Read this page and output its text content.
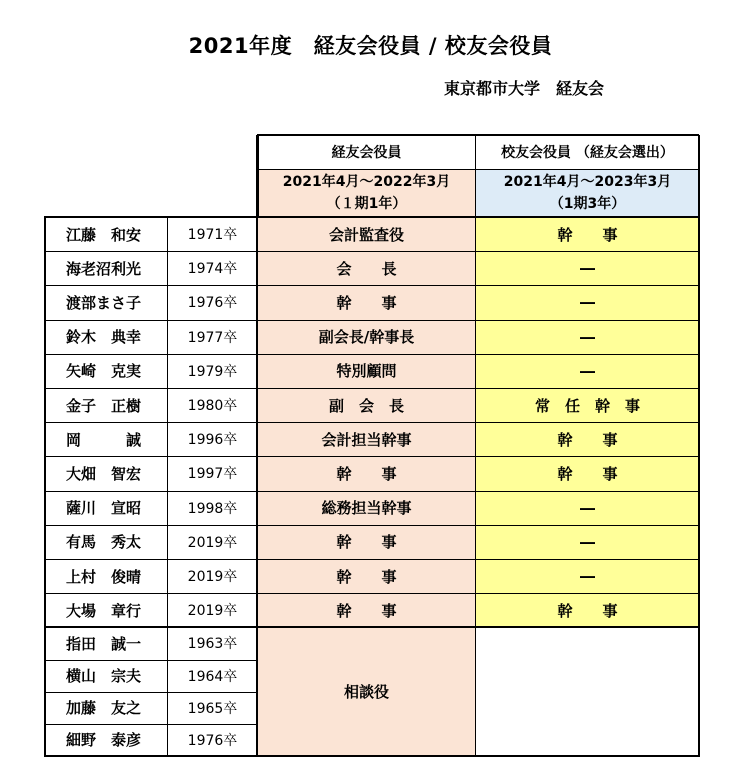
2021年度　経友会役員 / 校友会役員
東京都市大学　経友会
2021年4月～2022年3月
（１期1年）
2021年4月～2023年3月
（1期3年）
経友会役員	校友会役員 （経友会選出）
江藤　和安	1971卒	会計監査役	幹　　事
海老沼利光	1974卒	会　　長	―
渡部まさ子	1976卒	幹　　事	―
鈴木　典幸	1977卒	副会長/幹事長	―
矢崎　克実	1979卒	特別顧問	―
金子　正樹	1980卒	副　会　長	常　任　幹　事
岡　　　誠	1996卒	会計担当幹事	幹　　事
大畑　智宏	1997卒	幹　　事	幹　　事
薩川　宣昭	1998卒	総務担当幹事	―
有馬　秀太	2019卒	幹　　事	―
上村　俊晴	2019卒	幹　　事	―
大場　章行	2019卒	幹　　事	幹　　事
指田　誠一	1963卒
横山　宗夫	1964卒
加藤　友之	1965卒
細野　泰彦	1976卒
相談役
